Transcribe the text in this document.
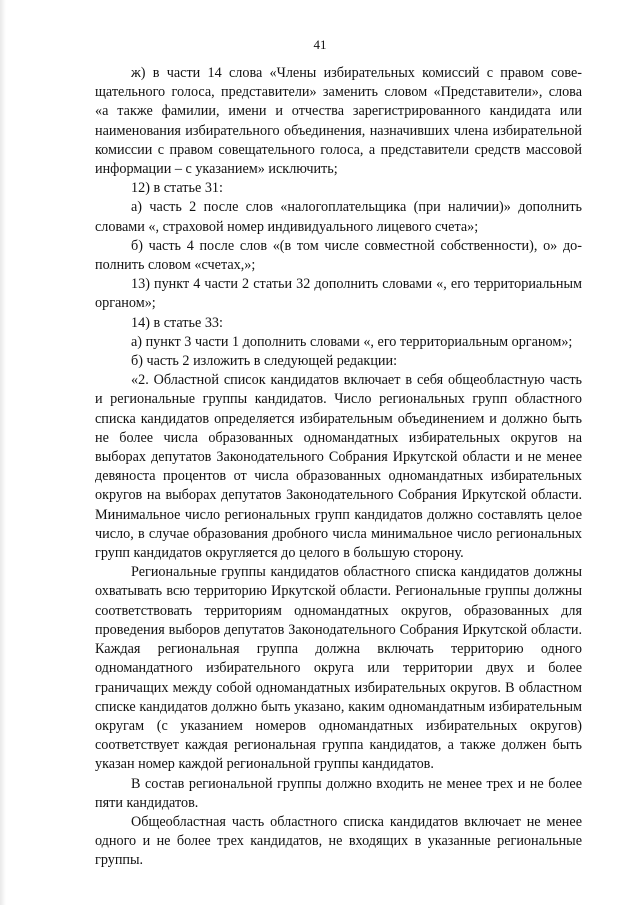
41

ж) в части 14 слова «Члены избирательных комиссий с правом совещательного голоса, представители» заменить словом «Представители», слова «а также фамилии, имени и отчества зарегистрированного кандидата или наименования избирательного объединения, назначивших члена избирательной комиссии с правом совещательного голоса, а представители средств массовой информации – с указанием» исключить;

12) в статье 31:

а) часть 2 после слов «налогоплательщика (при наличии)» дополнить словами «, страховой номер индивидуального лицевого счета»;

б) часть 4 после слов «(в том числе совместной собственности), о» дополнить словом «счетах,»;

13) пункт 4 части 2 статьи 32 дополнить словами «, его территориальным органом»;

14) в статье 33:

а) пункт 3 части 1 дополнить словами «, его территориальным органом»;

б) часть 2 изложить в следующей редакции:

«2. Областной список кандидатов включает в себя общеобластную часть и региональные группы кандидатов. Число региональных групп областного списка кандидатов определяется избирательным объединением и должно быть не более числа образованных одномандатных избирательных округов на выборах депутатов Законодательного Собрания Иркутской области и не менее девяноста процентов от числа образованных одномандатных избирательных округов на выборах депутатов Законодательного Собрания Иркутской области. Минимальное число региональных групп кандидатов должно составлять целое число, в случае образования дробного числа минимальное число региональных групп кандидатов округляется до целого в большую сторону.

Региональные группы кандидатов областного списка кандидатов должны охватывать всю территорию Иркутской области. Региональные группы должны соответствовать территориям одномандатных округов, образованных для проведения выборов депутатов Законодательного Собрания Иркутской области. Каждая региональная группа должна включать территорию одного одномандатного избирательного округа или территории двух и более граничащих между собой одномандатных избирательных округов. В областном списке кандидатов должно быть указано, каким одномандатным избирательным округам (с указанием номеров одномандатных избирательных округов) соответствует каждая региональная группа кандидатов, а также должен быть указан номер каждой региональной группы кандидатов.

В состав региональной группы должно входить не менее трех и не более пяти кандидатов.

Общеобластная часть областного списка кандидатов включает не менее одного и не более трех кандидатов, не входящих в указанные региональные группы.
